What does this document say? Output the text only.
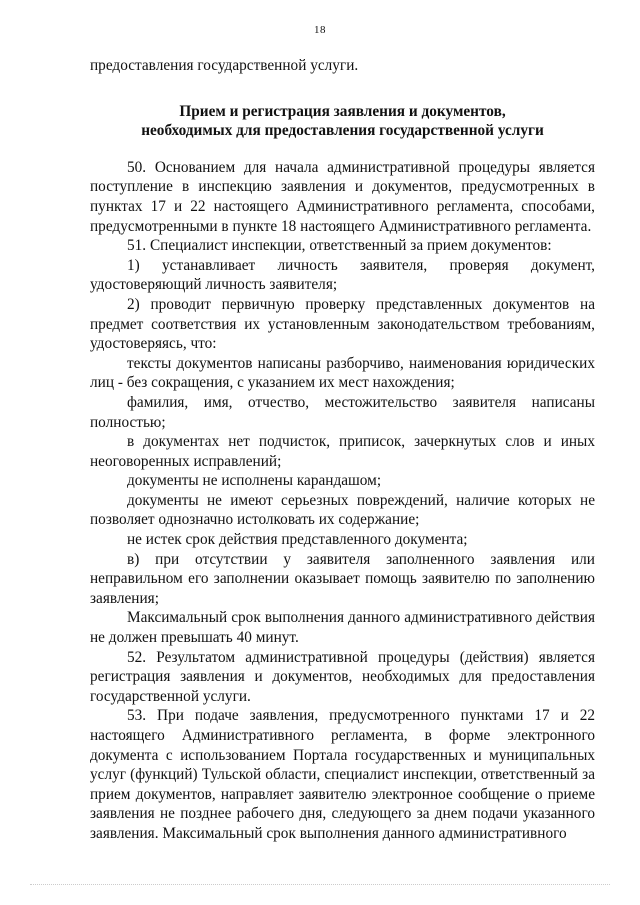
18

предоставления государственной услуги.

Прием и регистрация заявления и документов,
необходимых для предоставления государственной услуги

50. Основанием для начала административной процедуры является поступление в инспекцию заявления и документов, предусмотренных в пунктах 17 и 22 настоящего Административного регламента, способами, предусмотренными в пункте 18 настоящего Административного регламента.

51. Специалист инспекции, ответственный за прием документов:

1) устанавливает личность заявителя, проверяя документ, удостоверяющий личность заявителя;

2) проводит первичную проверку представленных документов на предмет соответствия их установленным законодательством требованиям, удостоверяясь, что:

тексты документов написаны разборчиво, наименования юридических лиц - без сокращения, с указанием их мест нахождения;

фамилия, имя, отчество, местожительство заявителя написаны полностью;

в документах нет подчисток, приписок, зачеркнутых слов и иных неоговоренных исправлений;

документы не исполнены карандашом;

документы не имеют серьезных повреждений, наличие которых не позволяет однозначно истолковать их содержание;

не истек срок действия представленного документа;

в) при отсутствии у заявителя заполненного заявления или неправильном его заполнении оказывает помощь заявителю по заполнению заявления;

Максимальный срок выполнения данного административного действия не должен превышать 40 минут.

52. Результатом административной процедуры (действия) является регистрация заявления и документов, необходимых для предоставления государственной услуги.

53. При подаче заявления, предусмотренного пунктами 17 и 22 настоящего Административного регламента, в форме электронного документа с использованием Портала государственных и муниципальных услуг (функций) Тульской области, специалист инспекции, ответственный за прием документов, направляет заявителю электронное сообщение о приеме заявления не позднее рабочего дня, следующего за днем подачи указанного заявления. Максимальный срок выполнения данного административного
